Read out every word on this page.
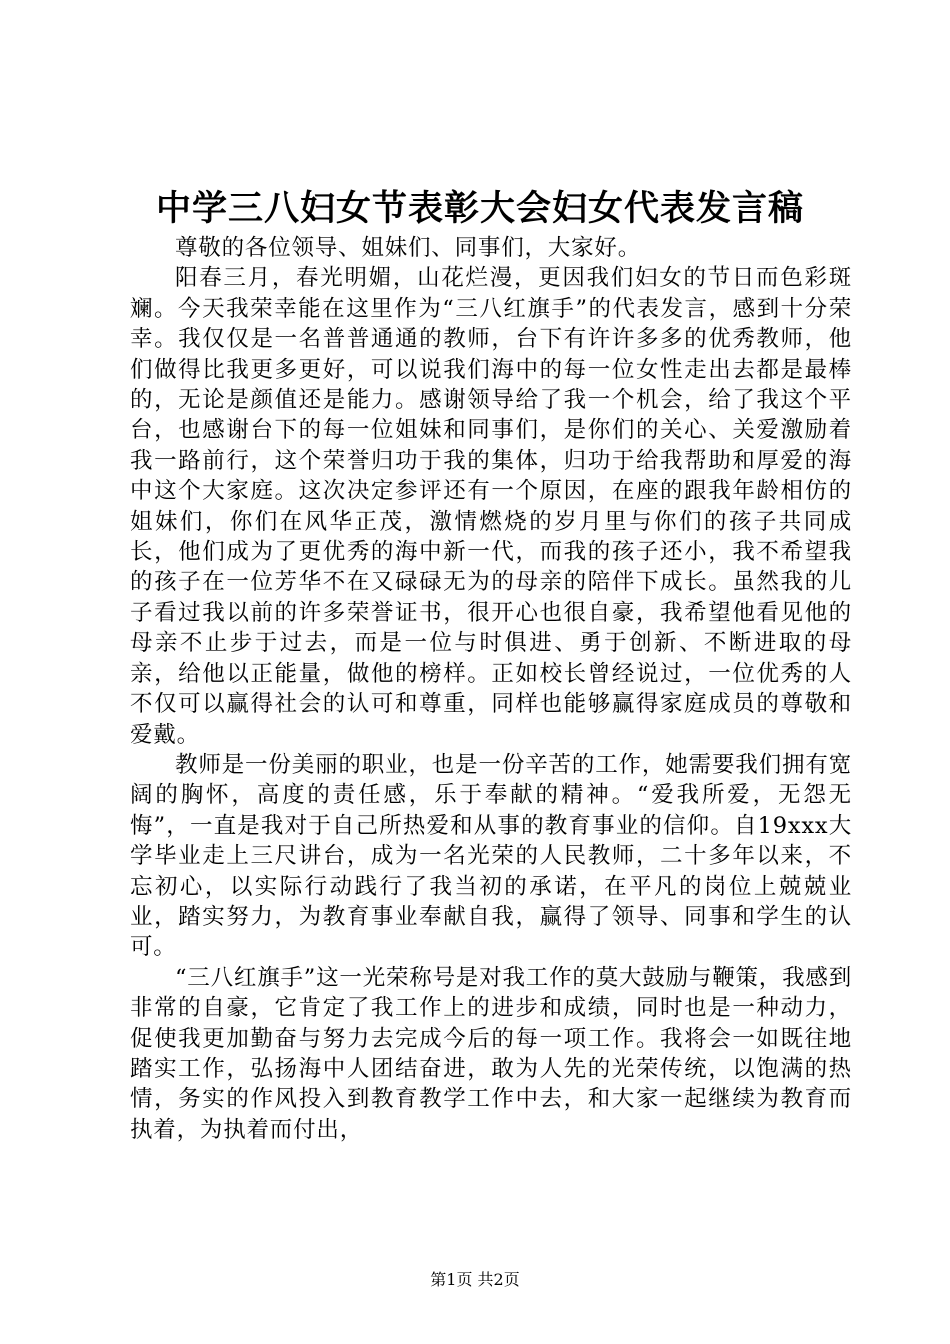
中学三八妇女节表彰大会妇女代表发言稿

尊敬的各位领导、姐妹们、同事们，大家好。

阳春三月，春光明媚，山花烂漫，更因我们妇女的节日而色彩斑斓。今天我荣幸能在这里作为“三八红旗手”的代表发言，感到十分荣幸。我仅仅是一名普普通通的教师，台下有许许多多的优秀教师，他们做得比我更多更好，可以说我们海中的每一位女性走出去都是最棒的，无论是颜值还是能力。感谢领导给了我一个机会，给了我这个平台，也感谢台下的每一位姐妹和同事们，是你们的关心、关爱激励着我一路前行，这个荣誉归功于我的集体，归功于给我帮助和厚爱的海中这个大家庭。这次决定参评还有一个原因，在座的跟我年龄相仿的姐妹们，你们在风华正茂，激情燃烧的岁月里与你们的孩子共同成长，他们成为了更优秀的海中新一代，而我的孩子还小，我不希望我的孩子在一位芳华不在又碌碌无为的母亲的陪伴下成长。虽然我的儿子看过我以前的许多荣誉证书，很开心也很自豪，我希望他看见他的母亲不止步于过去，而是一位与时俱进、勇于创新、不断进取的母亲，给他以正能量，做他的榜样。正如校长曾经说过，一位优秀的人不仅可以赢得社会的认可和尊重，同样也能够赢得家庭成员的尊敬和爱戴。

教师是一份美丽的职业，也是一份辛苦的工作，她需要我们拥有宽阔的胸怀，高度的责任感，乐于奉献的精神。“爱我所爱，无怨无悔”，一直是我对于自己所热爱和从事的教育事业的信仰。自19xxx大学毕业走上三尺讲台，成为一名光荣的人民教师，二十多年以来，不忘初心，以实际行动践行了我当初的承诺，在平凡的岗位上兢兢业业，踏实努力，为教育事业奉献自我，赢得了领导、同事和学生的认可。

“三八红旗手”这一光荣称号是对我工作的莫大鼓励与鞭策，我感到非常的自豪，它肯定了我工作上的进步和成绩，同时也是一种动力，促使我更加勤奋与努力去完成今后的每一项工作。我将会一如既往地踏实工作，弘扬海中人团结奋进，敢为人先的光荣传统，以饱满的热情，务实的作风投入到教育教学工作中去，和大家一起继续为教育而执着，为执着而付出，

第1页 共2页
